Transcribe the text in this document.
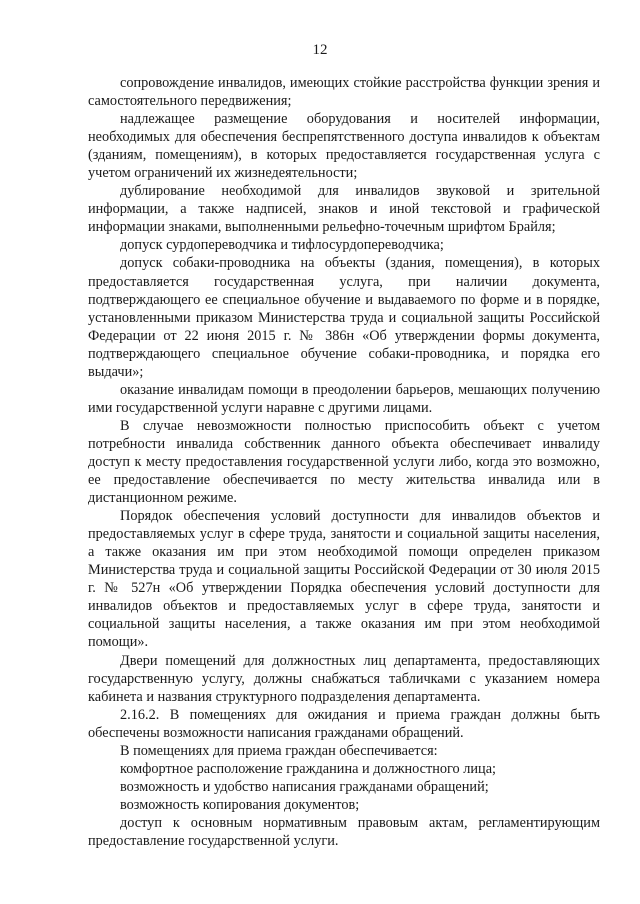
12

сопровождение инвалидов, имеющих стойкие расстройства функции зрения и самостоятельного передвижения;

надлежащее размещение оборудования и носителей информации, необходимых для обеспечения беспрепятственного доступа инвалидов к объектам (зданиям, помещениям), в которых предоставляется государственная услуга с учетом ограничений их жизнедеятельности;

дублирование необходимой для инвалидов звуковой и зрительной информации, а также надписей, знаков и иной текстовой и графической информации знаками, выполненными рельефно-точечным шрифтом Брайля;

допуск сурдопереводчика и тифлосурдопереводчика;

допуск собаки-проводника на объекты (здания, помещения), в которых предоставляется государственная услуга, при наличии документа, подтверждающего ее специальное обучение и выдаваемого по форме и в порядке, установленными приказом Министерства труда и социальной защиты Российской Федерации от 22 июня 2015 г. № 386н «Об утверждении формы документа, подтверждающего специальное обучение собаки-проводника, и порядка его выдачи»;

оказание инвалидам помощи в преодолении барьеров, мешающих получению ими государственной услуги наравне с другими лицами.

В случае невозможности полностью приспособить объект с учетом потребности инвалида собственник данного объекта обеспечивает инвалиду доступ к месту предоставления государственной услуги либо, когда это возможно, ее предоставление обеспечивается по месту жительства инвалида или в дистанционном режиме.

Порядок обеспечения условий доступности для инвалидов объектов и предоставляемых услуг в сфере труда, занятости и социальной защиты населения, а также оказания им при этом необходимой помощи определен приказом Министерства труда и социальной защиты Российской Федерации от 30 июля 2015 г. № 527н «Об утверждении Порядка обеспечения условий доступности для инвалидов объектов и предоставляемых услуг в сфере труда, занятости и социальной защиты населения, а также оказания им при этом необходимой помощи».

Двери помещений для должностных лиц департамента, предоставляющих государственную услугу, должны снабжаться табличками с указанием номера кабинета и названия структурного подразделения департамента.

2.16.2. В помещениях для ожидания и приема граждан должны быть обеспечены возможности написания гражданами обращений.

В помещениях для приема граждан обеспечивается:

комфортное расположение гражданина и должностного лица;

возможность и удобство написания гражданами обращений;

возможность копирования документов;

доступ к основным нормативным правовым актам, регламентирующим предоставление государственной услуги.
